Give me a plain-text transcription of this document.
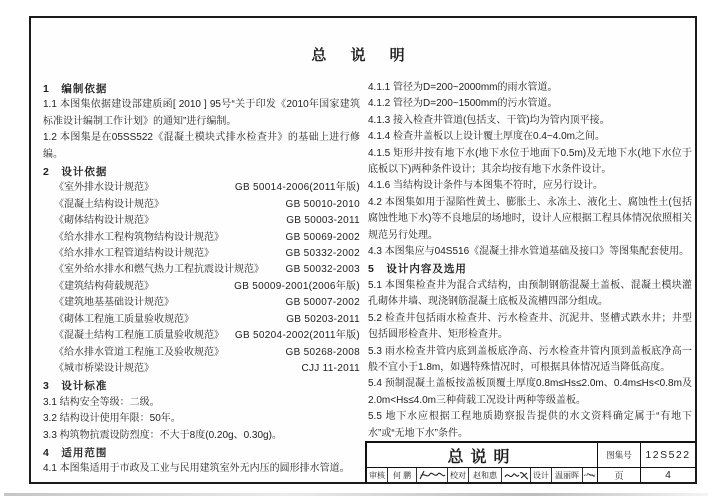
总 说 明
1　编制依据
1.1 本图集依据建设部建质函[ 2010 ] 95号“关于印发《2010年国家建筑标准设计编制工作计划》的通知”进行编制。
1.2 本图集是在05SS522《混凝土模块式排水检查井》的基础上进行修编。
2　设计依据
《室外排水设计规范》	GB 50014-2006(2011年版)
《混凝土结构设计规范》	GB 50010-2010
《砌体结构设计规范》	GB 50003-2011
《给水排水工程构筑物结构设计规范》	GB 50069-2002
《给水排水工程管道结构设计规范》	GB 50332-2002
《室外给水排水和燃气热力工程抗震设计规范》 GB 50032-2003
《建筑结构荷载规范》	GB 50009-2001(2006年版)
《建筑地基基础设计规范》	GB 50007-2002
《砌体工程施工质量验收规范》	GB 50203-2011
《混凝土结构工程施工质量验收规范》 GB 50204-2002(2011年版)
《给水排水管道工程施工及验收规范》	GB 50268-2008
《城市桥梁设计规范》	CJJ 11-2011
3　设计标准
3.1 结构安全等级：二级。
3.2 结构设计使用年限：50年。
3.3 构筑物抗震设防烈度：不大于8度(0.20g、0.30g)。
4　适用范围
4.1 本图集适用于市政及工业与民用建筑室外无内压的圆形排水管道。
4.1.1 管径为D=200~2000mm的雨水管道。
4.1.2 管径为D=200~1500mm的污水管道。
4.1.3 接入检查井管道(包括支、干管)均为管内顶平接。
4.1.4 检查井盖板以上设计覆土厚度在0.4~4.0m之间。
4.1.5 矩形井按有地下水(地下水位于地面下0.5m)及无地下水(地下水位于底板以下)两种条件设计；其余均按有地下水条件设计。
4.1.6 当结构设计条件与本图集不符时，应另行设计。
4.2 本图集如用于湿陷性黄土、膨胀土、永冻土、液化土、腐蚀性土(包括腐蚀性地下水)等不良地层的场地时，设计人应根据工程具体情况依照相关规范另行处理。
4.3 本图集应与04S516《混凝土排水管道基础及接口》等图集配套使用。
5　设计内容及选用
5.1 本图集检查井为混合式结构，由预制钢筋混凝土盖板、混凝土模块灌孔砌体井墙、现浇钢筋混凝土底板及流槽四部分组成。
5.2 检查井包括雨水检查井、污水检查井、沉泥井、竖槽式跌水井；井型包括圆形检查井、矩形检查井。
5.3 雨水检查井管内底到盖板底净高、污水检查井管内顶到盖板底净高一般不宜小于1.8m，如遇特殊情况时，可根据具体情况适当降低高度。
5.4 预制混凝土盖板按盖板顶覆土厚度0.8m≤Hs≤2.0m、0.4m≤Hs<0.8m及2.0m<Hs≤4.0m三种荷载工况设计两种等级盖板。
5.5 地下水应根据工程地质勘察报告提供的水文资料确定属于“有地下水”或“无地下水”条件。
总说明	图集号	12S522
审核 何 鹏	校对 赵和惠	设计 温丽晖	页	4
